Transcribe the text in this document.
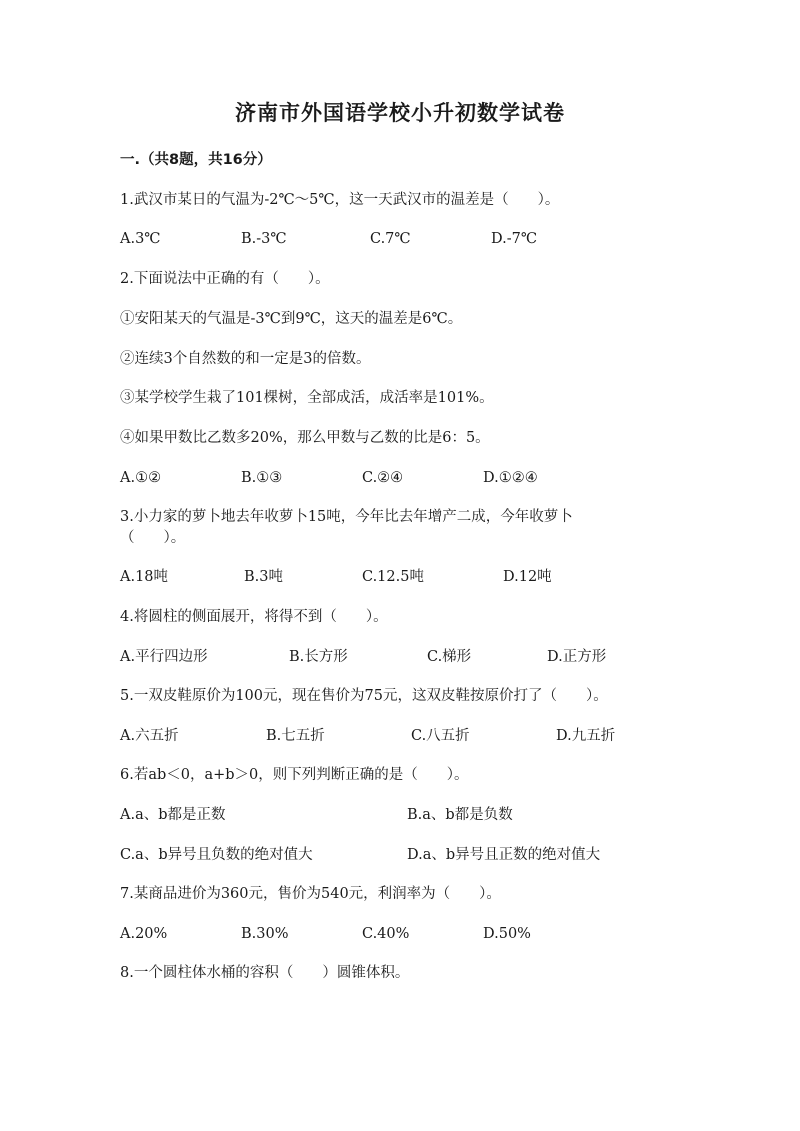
济南市外国语学校小升初数学试卷
一.（共8题，共16分）
1.武汉市某日的气温为-2℃～5℃，这一天武汉市的温差是（　　）。
A.3℃	B.-3℃	C.7℃	D.-7℃
2.下面说法中正确的有（　　）。
①安阳某天的气温是-3℃到9℃，这天的温差是6℃。
②连续3个自然数的和一定是3的倍数。
③某学校学生栽了101棵树，全部成活，成活率是101%。
④如果甲数比乙数多20%，那么甲数与乙数的比是6：5。
A.①②	B.①③	C.②④	D.①②④
3.小力家的萝卜地去年收萝卜15吨，今年比去年增产二成，今年收萝卜
（　　）。
A.18吨	B.3吨	C.12.5吨	D.12吨
4.将圆柱的侧面展开，将得不到（　　）。
A.平行四边形	B.长方形	C.梯形	D.正方形
5.一双皮鞋原价为100元，现在售价为75元，这双皮鞋按原价打了（　　）。
A.六五折	B.七五折	C.八五折	D.九五折
6.若ab＜0，a+b＞0，则下列判断正确的是（　　）。
A.a、b都是正数	B.a、b都是负数
C.a、b异号且负数的绝对值大	D.a、b异号且正数的绝对值大
7.某商品进价为360元，售价为540元，利润率为（　　）。
A.20%	B.30%	C.40%	D.50%
8.一个圆柱体水桶的容积（　　）圆锥体积。
